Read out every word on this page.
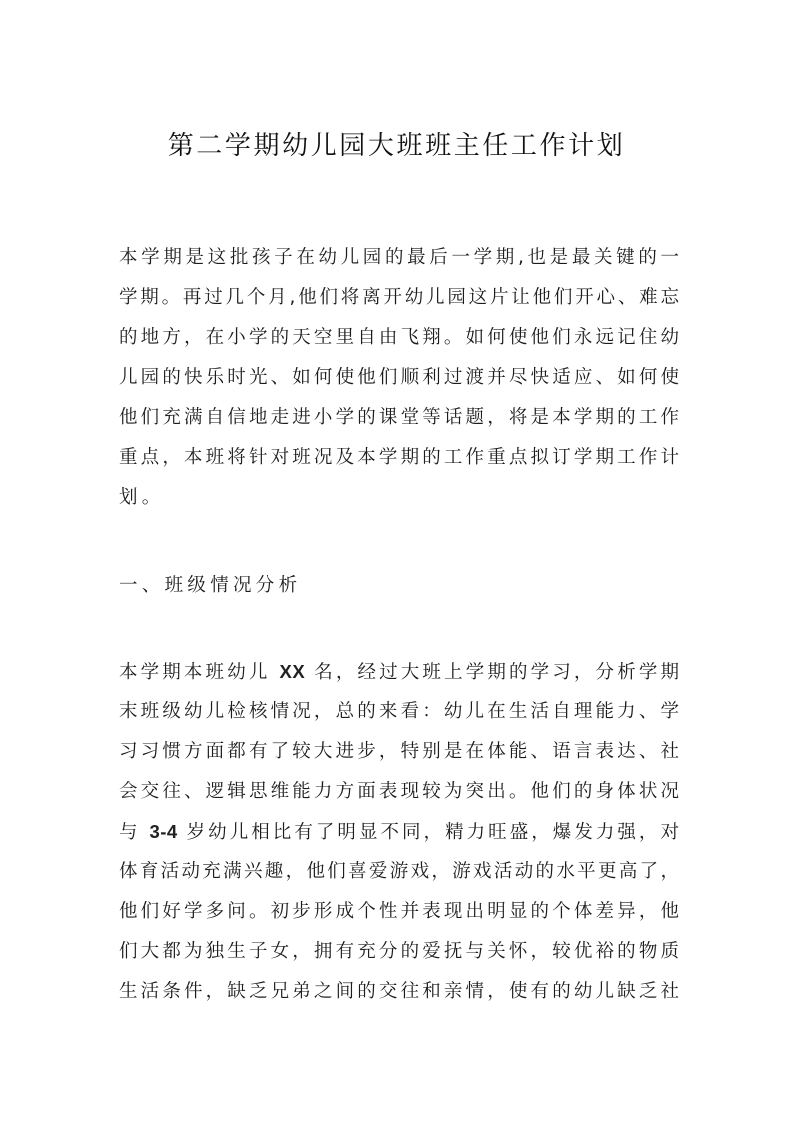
第二学期幼儿园大班班主任工作计划
本学期是这批孩子在幼儿园的最后一学期,也是最关键的一
学期。再过几个月,他们将离开幼儿园这片让他们开心、难忘
的地方，在小学的天空里自由飞翔。如何使他们永远记住幼
儿园的快乐时光、如何使他们顺利过渡并尽快适应、如何使
他们充满自信地走进小学的课堂等话题，将是本学期的工作
重点，本班将针对班况及本学期的工作重点拟订学期工作计
划。
一、班级情况分析
本学期本班幼儿 XX 名，经过大班上学期的学习，分析学期
末班级幼儿检核情况，总的来看：幼儿在生活自理能力、学
习习惯方面都有了较大进步，特别是在体能、语言表达、社
会交往、逻辑思维能力方面表现较为突出。他们的身体状况
与 3-4 岁幼儿相比有了明显不同，精力旺盛，爆发力强，对
体育活动充满兴趣，他们喜爱游戏，游戏活动的水平更高了，
他们好学多问。初步形成个性并表现出明显的个体差异，他
们大都为独生子女，拥有充分的爱抚与关怀，较优裕的物质
生活条件，缺乏兄弟之间的交往和亲情，使有的幼儿缺乏社
